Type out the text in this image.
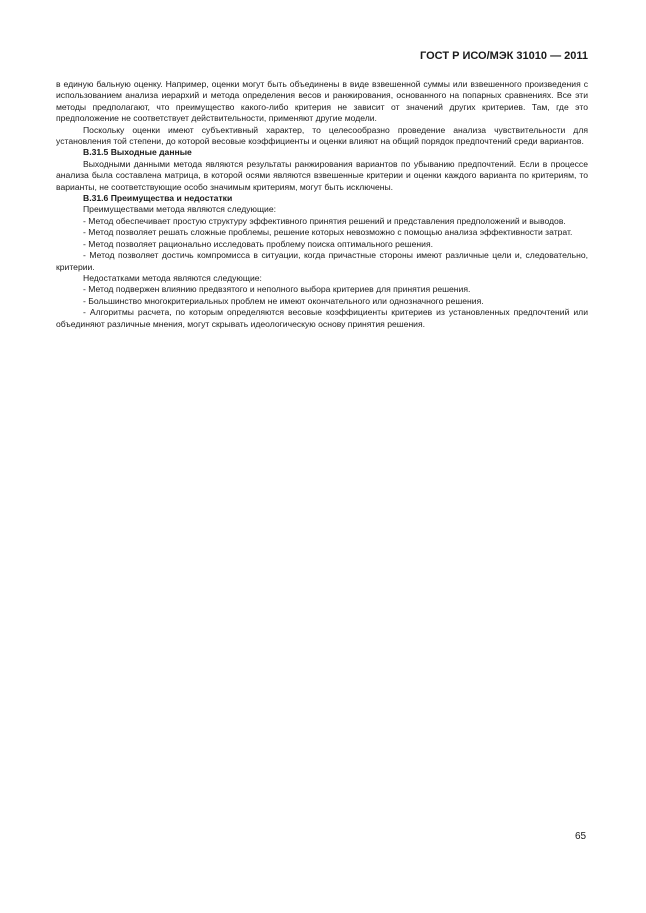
ГОСТ Р ИСО/МЭК 31010 — 2011

в единую бальную оценку. Например, оценки могут быть объединены в виде взвешенной суммы или взвешенного произведения с использованием анализа иерархий и метода определения весов и ранжирования, основанного на попарных сравнениях. Все эти методы предполагают, что преимущество какого-либо критерия не зависит от значений других критериев. Там, где это предположение не соответствует действительности, применяют другие модели.

Поскольку оценки имеют субъективный характер, то целесообразно проведение анализа чувствительности для установления той степени, до которой весовые коэффициенты и оценки влияют на общий порядок предпочтений среди вариантов.

В.31.5 Выходные данные

Выходными данными метода являются результаты ранжирования вариантов по убыванию предпочтений. Если в процессе анализа была составлена матрица, в которой осями являются взвешенные критерии и оценки каждого варианта по критериям, то варианты, не соответствующие особо значимым критериям, могут быть исключены.

В.31.6 Преимущества и недостатки

Преимуществами метода являются следующие:

- Метод обеспечивает простую структуру эффективного принятия решений и представления предположений и выводов.

- Метод позволяет решать сложные проблемы, решение которых невозможно с помощью анализа эффективности затрат.

- Метод позволяет рационально исследовать проблему поиска оптимального решения.

- Метод позволяет достичь компромисса в ситуации, когда причастные стороны имеют различные цели и, следовательно, критерии.

Недостатками метода являются следующие:

- Метод подвержен влиянию предвзятого и неполного выбора критериев для принятия решения.

- Большинство многокритериальных проблем не имеют окончательного или однозначного решения.

- Алгоритмы расчета, по которым определяются весовые коэффициенты критериев из установленных предпочтений или объединяют различные мнения, могут скрывать идеологическую основу принятия решения.

65
